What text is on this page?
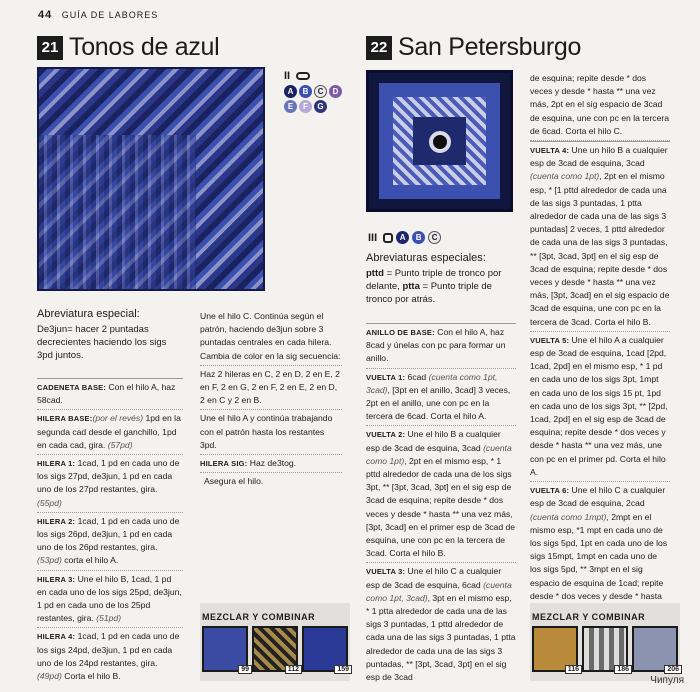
44 GUÍA DE LABORES
21 Tonos de azul
II
A	B	C	D
E	F	G
Abreviatura especial:
De3jun= hacer 2 puntadas decrecientes haciendo los sigs 3pd juntos.
CADENETA BASE: Con el hilo A, haz 58cad.
HILERA BASE:(por el revés) 1pd en la segunda cad desde el ganchillo, 1pd en cada cad, gira. (57pd)
HILERA 1: 1cad, 1 pd en cada uno de los sigs 27pd, de3jun, 1 pd en cada uno de los 27pd restantes, gira. (55pd)
HILERA 2: 1cad, 1 pd en cada uno de los sigs 26pd, de3jun, 1 pd en cada uno de los 26pd restantes, gira. (53pd) corta el hilo A.
HILERA 3: Une el hilo B, 1cad, 1 pd en cada uno de los sigs 25pd, de3jun, 1 pd en cada uno de los 25pd restantes, gira. (51pd)
HILERA 4: 1cad, 1 pd en cada uno de los sigs 24pd, de3jun, 1 pd en cada uno de los 24pd restantes, gira. (49pd) Corta el hilo B.
Une el hilo C. Continúa según el patrón, haciendo de3jun sobre 3 puntadas centrales en cada hilera. Cambia de color en la sig secuencia:
Haz 2 hileras en C, 2 en D, 2 en E, 2 en F, 2 en G, 2 en F, 2 en E, 2 en D, 2 en C y 2 en B.
Une el hilo A y continúa trabajando con el patrón hasta los restantes 3pd.
HILERA SIG: Haz de3tog.
Asegura el hilo.
MEZCLAR Y COMBINAR
99	112	159
22 San Petersburgo
III	A	B	C
Abreviaturas especiales:
pttd = Punto triple de tronco por delante, ptta = Punto triple de tronco por atrás.
ANILLO DE BASE: Con el hilo A, haz 8cad y únelas con pc para formar un anillo.
VUELTA 1: 6cad (cuenta como 1pt, 3cad), [3pt en el anillo, 3cad] 3 veces, 2pt en el anillo, une con pc en la tercera de 6cad. Corta el hilo A.
VUELTA 2: Une el hilo B a cualquier esp de 3cad de esquina, 3cad (cuenta como 1pt), 2pt en el mismo esp, * 1 pttd alrededor de cada una de los sigs 3pt, ** [3pt, 3cad, 3pt] en el sig esp de 3cad de esquina; repite desde * dos veces y desde * hasta ** una vez más, [3pt, 3cad] en el primer esp de 3cad de esquina, une con pc en la tercera de 3cad. Corta el hilo B.
VUELTA 3: Une el hilo C a cualquier esp de 3cad de esquina, 6cad (cuenta como 1pt, 3cad), 3pt en el mismo esp, * 1 ptta alrededor de cada una de las sigs 3 puntadas, 1 pttd alrededor de cada una de las sigs 3 puntadas, 1 ptta alrededor de cada una de las sigs 3 puntadas, ** [3pt, 3cad, 3pt] en el sig esp de 3cad
de esquina; repite desde * dos veces y desde * hasta ** una vez más, 2pt en el sig espacio de 3cad de esquina, une con pc en la tercera de 6cad. Corta el hilo C.
VUELTA 4: Une un hilo B a cualquier esp de 3cad de esquina, 3cad (cuenta como 1pt), 2pt en el mismo esp, * [1 pttd alrededor de cada una de las sigs 3 puntadas, 1 ptta alrededor de cada una de las sigs 3 puntadas] 2 veces, 1 pttd alrededor de cada una de las sigs 3 puntadas, ** [3pt, 3cad, 3pt] en el sig esp de 3cad de esquina; repite desde * dos veces y desde * hasta ** una vez más, [3pt, 3cad] en el sig espacio de 3cad de esquina, une con pc en la tercera de 3cad. Corta el hilo B.
VUELTA 5: Une el hilo A a cualquier esp de 3cad de esquina, 1cad [2pd, 1cad, 2pd] en el mismo esp, * 1 pd en cada uno de los sigs 3pt, 1mpt en cada uno de los sigs 15 pt, 1pd en cada uno de los sigs 3pt, ** [2pd, 1cad, 2pd] en el sig esp de 3cad de esquina; repite desde * dos veces y desde * hasta ** una vez más, une con pc en el primer pd. Corta el hilo A.
VUELTA 6: Une el hilo C a cualquier esp de 3cad de esquina, 2cad (cuenta como 1mpt), 2mpt en el mismo esp, *1 mpt en cada uno de los sigs 5pd, 1pt en cada uno de los sigs 15mpt, 1mpt en cada uno de los sigs 5pd, ** 3mpt en el sig espacio de esquina de 1cad; repite desde * dos veces y desde * hasta
MEZCLAR Y COMBINAR
116	186	206
Чипуля
